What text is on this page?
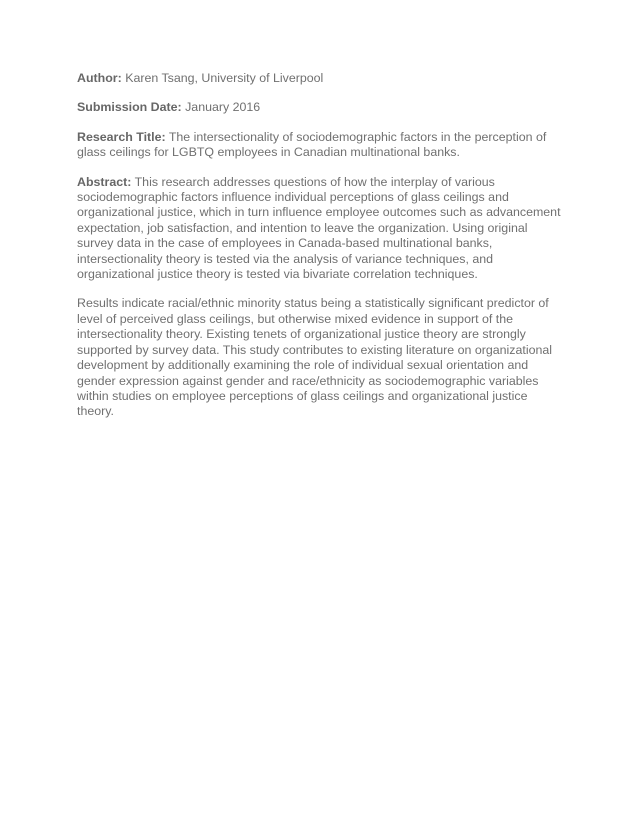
Author: Karen Tsang, University of Liverpool

Submission Date: January 2016

Research Title: The intersectionality of sociodemographic factors in the perception of glass ceilings for LGBTQ employees in Canadian multinational banks.

Abstract: This research addresses questions of how the interplay of various sociodemographic factors influence individual perceptions of glass ceilings and organizational justice, which in turn influence employee outcomes such as advancement expectation, job satisfaction, and intention to leave the organization. Using original survey data in the case of employees in Canada-based multinational banks, intersectionality theory is tested via the analysis of variance techniques, and organizational justice theory is tested via bivariate correlation techniques.

Results indicate racial/ethnic minority status being a statistically significant predictor of level of perceived glass ceilings, but otherwise mixed evidence in support of the intersectionality theory. Existing tenets of organizational justice theory are strongly supported by survey data. This study contributes to existing literature on organizational development by additionally examining the role of individual sexual orientation and gender expression against gender and race/ethnicity as sociodemographic variables within studies on employee perceptions of glass ceilings and organizational justice theory.
